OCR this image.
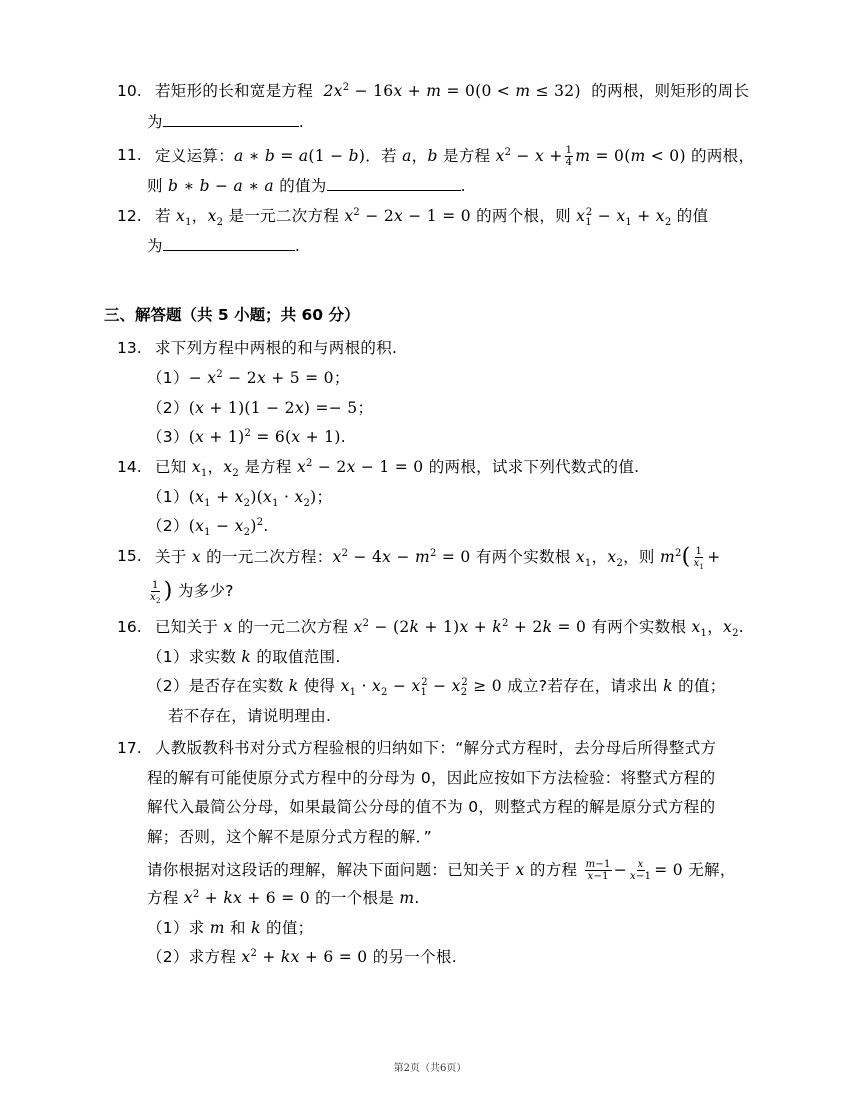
10. 若矩形的长和宽是方程  $2x^2 - 16x + m = 0(0 < m \le 32)$ 的两根，则矩形的周长
为	.
11. 定义运算：a ∗ b = a(1 − b)．若 a，b 是方程 $x^2 - x + \frac{1}{4}$ m = 0(m < 0) 的两根，
则 b ∗ b − a ∗ a 的值为	.
12. 若 $x_1$，$x_2$ 是一元二次方程 $x^2 - 2x - 1 = 0$ 的两个根，则 $x_1^2 - x_1 + x_2$ 的值
为	.
三、解答题（共 5 小题；共 60 分）
13. 求下列方程中两根的和与两根的积.
$(1)- x^2 - 2x + 5 = 0$；
（2）(x + 1)(1 − 2x) =− 5；
$(3)(x + 1)^2 = 6(x + 1)$.
14. 已知 $x_1$，$x_2$ 是方程 $x^2 - 2x - 1 = 0$ 的两根，试求下列代数式的值.
$(1)(x_1 + x_2)(x_1 \cdot x_2)$；
$(2)(x_1 - x_2)^2$.
15. 关于 x 的一元二次方程：$x^2 - 4x - m^2 = 0$ 有两个实数根 $x_1$，$x_2$，则 $m^2( \frac{1}{x_1}$ +
$\frac{1}{x_2}$ ) 为多少?
16. 已知关于 x 的一元二次方程 $x^2 - (2k + 1)x + k^2 + 2k = 0$ 有两个实数根 $x_1$，$x_2$.
（1）求实数 k 的取值范围.
（2）是否存在实数 k 使得 $x_1 \cdot x_2 - x_1^2 - x_2^2 \ge 0$ 成立?若存在，请求出 k 的值；
若不存在，请说明理由.
17. 人教版教科书对分式方程验根的归纳如下：“解分式方程时，去分母后所得整式方
程的解有可能使原分式方程中的分母为 0，因此应按如下方法检验：将整式方程的
解代入最简公分母，如果最简公分母的值不为 0，则整式方程的解是原分式方程的
解；否则，这个解不是原分式方程的解．”
请你根据对这段话的理解，解决下面问题：已知关于 x 的方程 $\frac{m-1}{x-1} - \frac{x}{x-1} = 0$ 无解，
方程 $x^2$ + kx + 6 = 0 的一个根是 m.
（1）求 m 和 k 的值；
（2）求方程 $x^2$ + kx + 6 = 0 的另一个根.
第2页（共6页）
